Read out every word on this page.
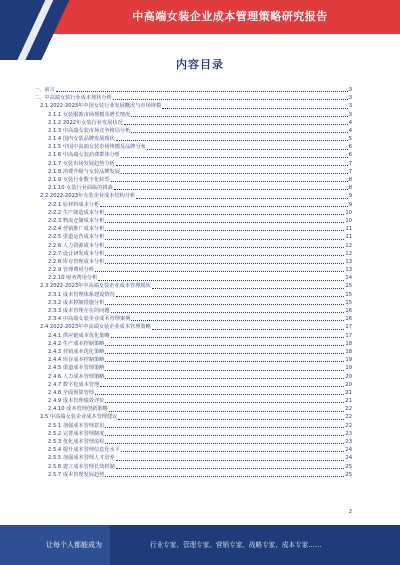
中高端女装企业成本管理策略研究报告
内容目录
一、前言	3
二、中高端女装行业成本现状分析	3
2.1 2022-2023年中国女装行业发展概况与市场规模	3
2.1.1 女装服饰市场规模及增长情况	3
2.1.2 2022年女装行业发展状况	4
2.1.3 中高端女装市场竞争格局分析	4
2.1.4 国内女装品牌发展现状	5
2.1.5 中国中高端女装市场规模及品牌分布	6
2.1.6 中高端女装消费群体分析	6
2.1.7 女装市场发展趋势分析	7
2.1.8 消费升级与女装品牌发展	7
2.1.9 女装行业数字化转型	8
2.1.10 女装行业面临的挑战	8
2.2 2022-2023年女装企业成本结构分析	9
2.2.1 原材料成本分析	9
2.2.2 生产制造成本分析	10
2.2.3 物流仓储成本分析	10
2.2.4 营销推广成本分析	11
2.2.5 渠道运营成本分析	11
2.2.6 人力资源成本分析	12
2.2.7 设计研发成本分析	12
2.2.8 库存管理成本分析	13
2.2.9 管理费用分析	13
2.2.10 财务费用分析	14
2.3 2022-2023年中高端女装企业成本管理现状	15
2.3.1 成本管理体系建设情况	15
2.3.2 成本控制措施分析	15
2.3.3 成本管理存在的问题	16
2.3.4 中高端女装企业成本管理案例	16
2.4 2022-2023年中高端女装企业成本管理策略	17
2.4.1 供应链成本优化策略	17
2.4.2 生产成本控制策略	18
2.4.3 营销成本优化策略	18
2.4.4 库存成本控制策略	19
2.4.5 渠道成本管理策略	19
2.4.6 人力成本管理策略	20
2.4.7 数字化成本管理	20
2.4.8 全面预算管理	21
2.4.9 成本管理绩效评价	21
2.4.10 成本管理创新策略	22
2.5 中高端女装企业成本管理建议	22
2.5.1 加强成本管理意识	22
2.5.2 完善成本管理制度	23
2.5.3 优化成本管理流程	23
2.5.4 提升成本管理信息化水平	24
2.5.5 加强成本管理人才培养	24
2.5.6 建立成本管理长效机制	25
2.5.7 成本管理发展趋势	25
2
让每个人都能成为	行业专家、管理专家、营销专家、战略专家、成本专家……
